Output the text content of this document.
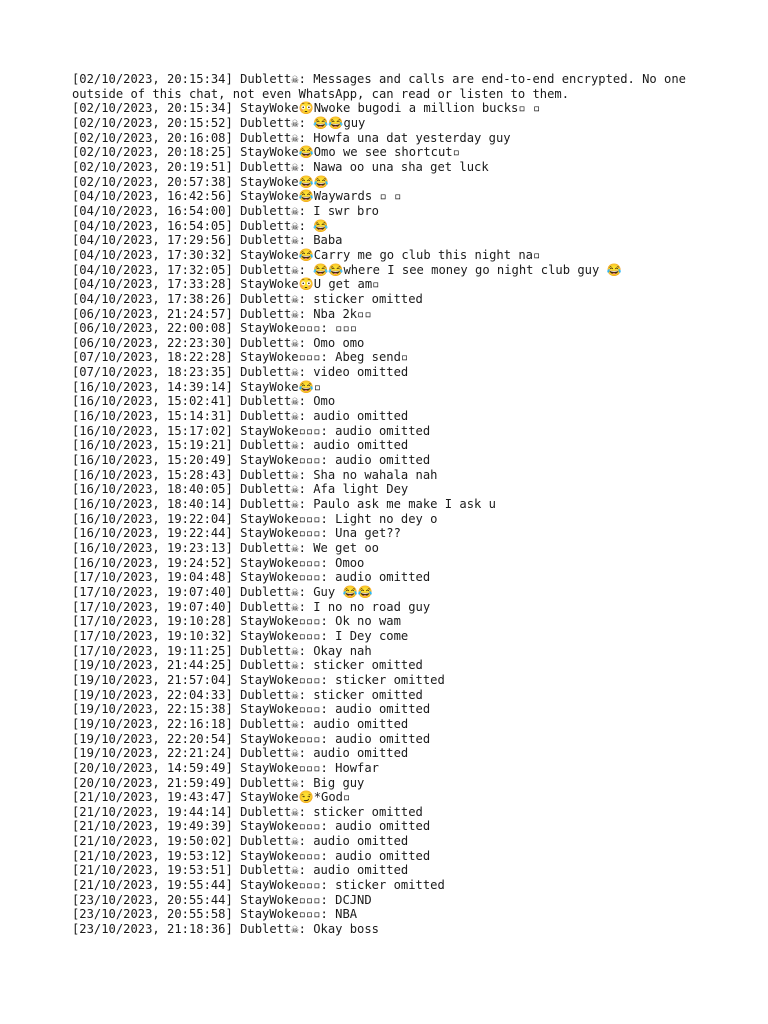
[02/10/2023, 20:15:34] Dublett☠: Messages and calls are end-to-end encrypted. No one outside of this chat, not even WhatsApp, can read or listen to them.
[02/10/2023, 20:15:34] StayWoke😳Nwoke bugodi a million bucks▫ ▫
[02/10/2023, 20:15:52] Dublett☠: 😂😂guy
[02/10/2023, 20:16:08] Dublett☠: Howfa una dat yesterday guy
[02/10/2023, 20:18:25] StayWoke😂Omo we see shortcut▫
[02/10/2023, 20:19:51] Dublett☠: Nawa oo una sha get luck
[02/10/2023, 20:57:38] StayWoke😂😂
[04/10/2023, 16:42:56] StayWoke😂Waywards ▫ ▫
[04/10/2023, 16:54:00] Dublett☠: I swr bro
[04/10/2023, 16:54:05] Dublett☠: 😂
[04/10/2023, 17:29:56] Dublett☠: Baba
[04/10/2023, 17:30:32] StayWoke😂Carry me go club this night na▫
[04/10/2023, 17:32:05] Dublett☠: 😂😂where I see money go night club guy 😂
[04/10/2023, 17:33:28] StayWoke😳U get am▫
[04/10/2023, 17:38:26] Dublett☠: sticker omitted
[06/10/2023, 21:24:57] Dublett☠: Nba 2k▫▫
[06/10/2023, 22:00:08] StayWoke▫▫▫: ▫▫▫
[06/10/2023, 22:23:30] Dublett☠: Omo omo
[07/10/2023, 18:22:28] StayWoke▫▫▫: Abeg send▫
[07/10/2023, 18:23:35] Dublett☠: video omitted
[16/10/2023, 14:39:14] StayWoke😂▫
[16/10/2023, 15:02:41] Dublett☠: Omo
[16/10/2023, 15:14:31] Dublett☠: audio omitted
[16/10/2023, 15:17:02] StayWoke▫▫▫: audio omitted
[16/10/2023, 15:19:21] Dublett☠: audio omitted
[16/10/2023, 15:20:49] StayWoke▫▫▫: audio omitted
[16/10/2023, 15:28:43] Dublett☠: Sha no wahala nah
[16/10/2023, 18:40:05] Dublett☠: Afa light Dey
[16/10/2023, 18:40:14] Dublett☠: Paulo ask me make I ask u
[16/10/2023, 19:22:04] StayWoke▫▫▫: Light no dey o
[16/10/2023, 19:22:44] StayWoke▫▫▫: Una get??
[16/10/2023, 19:23:13] Dublett☠: We get oo
[16/10/2023, 19:24:52] StayWoke▫▫▫: Omoo
[17/10/2023, 19:04:48] StayWoke▫▫▫: audio omitted
[17/10/2023, 19:07:40] Dublett☠: Guy 😂😂
[17/10/2023, 19:07:40] Dublett☠: I no no road guy
[17/10/2023, 19:10:28] StayWoke▫▫▫: Ok no wam
[17/10/2023, 19:10:32] StayWoke▫▫▫: I Dey come
[17/10/2023, 19:11:25] Dublett☠: Okay nah
[19/10/2023, 21:44:25] Dublett☠: sticker omitted
[19/10/2023, 21:57:04] StayWoke▫▫▫: sticker omitted
[19/10/2023, 22:04:33] Dublett☠: sticker omitted
[19/10/2023, 22:15:38] StayWoke▫▫▫: audio omitted
[19/10/2023, 22:16:18] Dublett☠: audio omitted
[19/10/2023, 22:20:54] StayWoke▫▫▫: audio omitted
[19/10/2023, 22:21:24] Dublett☠: audio omitted
[20/10/2023, 14:59:49] StayWoke▫▫▫: Howfar
[20/10/2023, 21:59:49] Dublett☠: Big guy
[21/10/2023, 19:43:47] StayWoke😏*God▫
[21/10/2023, 19:44:14] Dublett☠: sticker omitted
[21/10/2023, 19:49:39] StayWoke▫▫▫: audio omitted
[21/10/2023, 19:50:02] Dublett☠: audio omitted
[21/10/2023, 19:53:12] StayWoke▫▫▫: audio omitted
[21/10/2023, 19:53:51] Dublett☠: audio omitted
[21/10/2023, 19:55:44] StayWoke▫▫▫: sticker omitted
[23/10/2023, 20:55:44] StayWoke▫▫▫: DCJND
[23/10/2023, 20:55:58] StayWoke▫▫▫: NBA
[23/10/2023, 21:18:36] Dublett☠: Okay boss
